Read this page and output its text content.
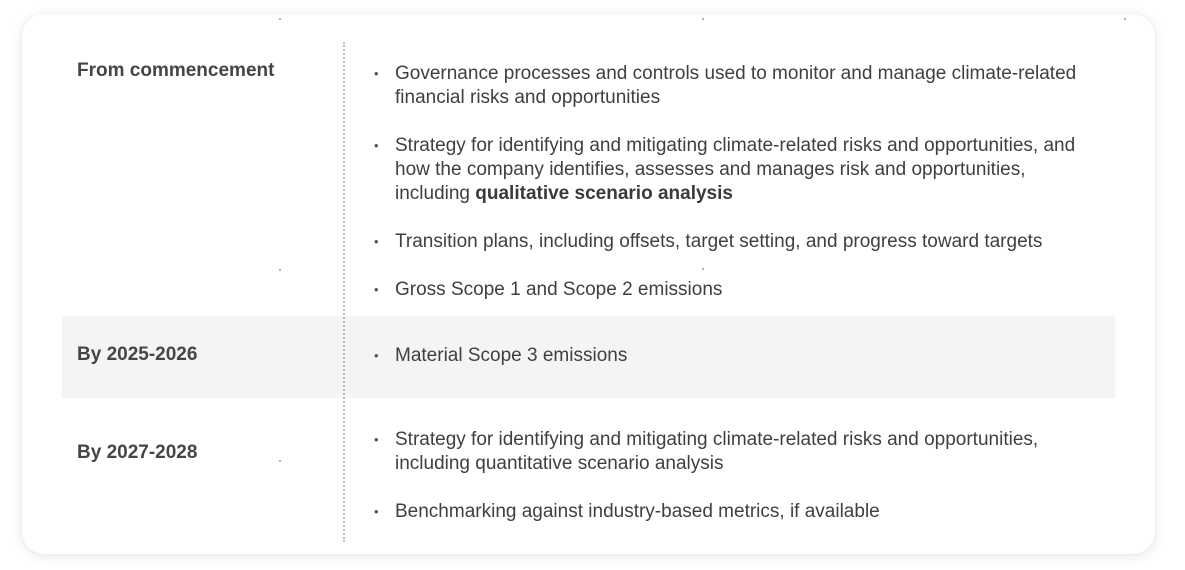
From commencement	• Governance processes and controls used to monitor and manage climate-related financial risks and opportunities
• Strategy for identifying and mitigating climate-related risks and opportunities, and how the company identifies, assesses and manages risk and opportunities, including qualitative scenario analysis
• Transition plans, including offsets, target setting, and progress toward targets
• Gross Scope 1 and Scope 2 emissions
By 2025-2026	• Material Scope 3 emissions
By 2027-2028
• Strategy for identifying and mitigating climate-related risks and opportunities, including quantitative scenario analysis
• Benchmarking against industry-based metrics, if available
